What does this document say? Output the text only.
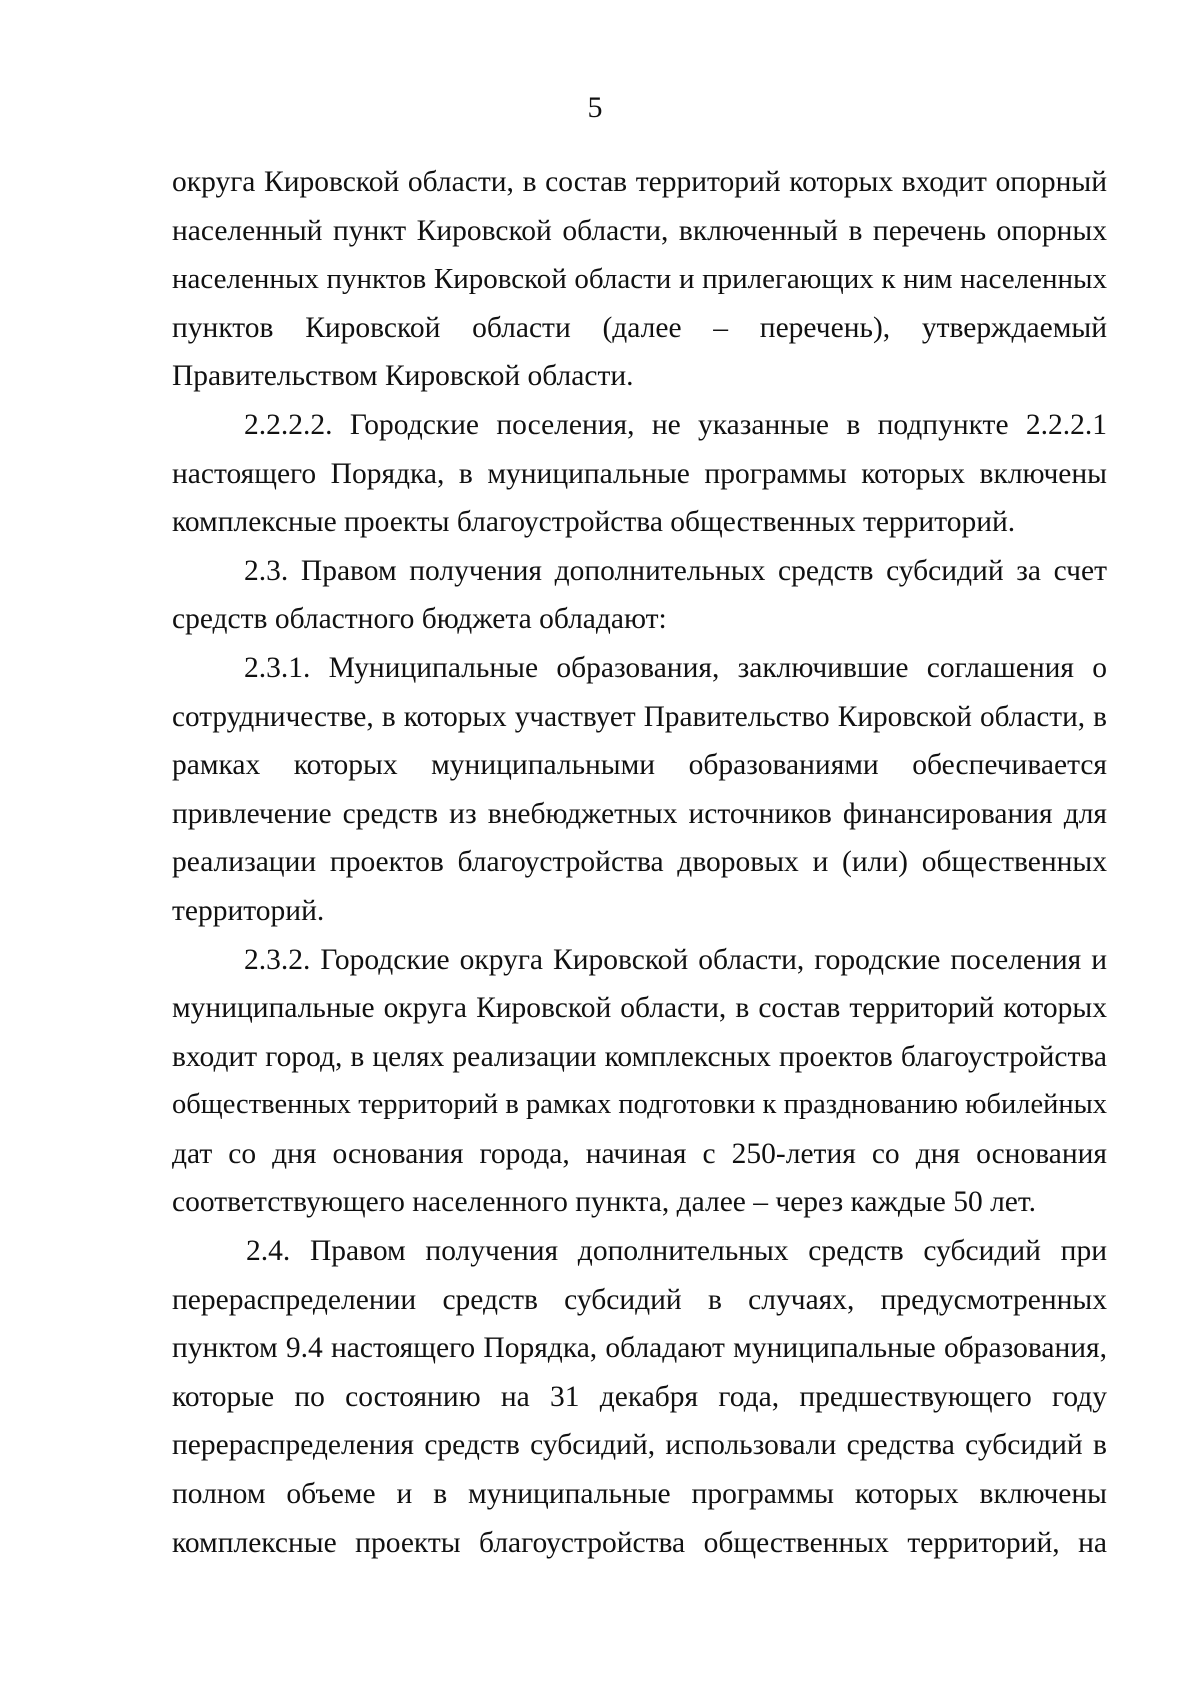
5

округа Кировской области, в состав территорий которых входит опорный
населенный пункт Кировской области, включенный в перечень опорных
населенных пунктов Кировской области и прилегающих к ним населенных
пунктов Кировской области (далее – перечень), утверждаемый
Правительством Кировской области.

2.2.2.2. Городские поселения, не указанные в подпункте 2.2.2.1
настоящего Порядка, в муниципальные программы которых включены
комплексные проекты благоустройства общественных территорий.

2.3. Правом получения дополнительных средств субсидий за счет
средств областного бюджета обладают:

2.3.1. Муниципальные образования, заключившие соглашения о
сотрудничестве, в которых участвует Правительство Кировской области, в
рамках которых муниципальными образованиями обеспечивается
привлечение средств из внебюджетных источников финансирования для
реализации проектов благоустройства дворовых и (или) общественных
территорий.

2.3.2. Городские округа Кировской области, городские поселения и
муниципальные округа Кировской области, в состав территорий которых
входит город, в целях реализации комплексных проектов благоустройства
общественных территорий в рамках подготовки к празднованию юбилейных
дат со дня основания города, начиная с 250-летия со дня основания
соответствующего населенного пункта, далее – через каждые 50 лет.

2.4. Правом получения дополнительных средств субсидий при
перераспределении средств субсидий в случаях, предусмотренных
пунктом 9.4 настоящего Порядка, обладают муниципальные образования,
которые по состоянию на 31 декабря года, предшествующего году
перераспределения средств субсидий, использовали средства субсидий в
полном объеме и в муниципальные программы которых включены
комплексные проекты благоустройства общественных территорий, на
